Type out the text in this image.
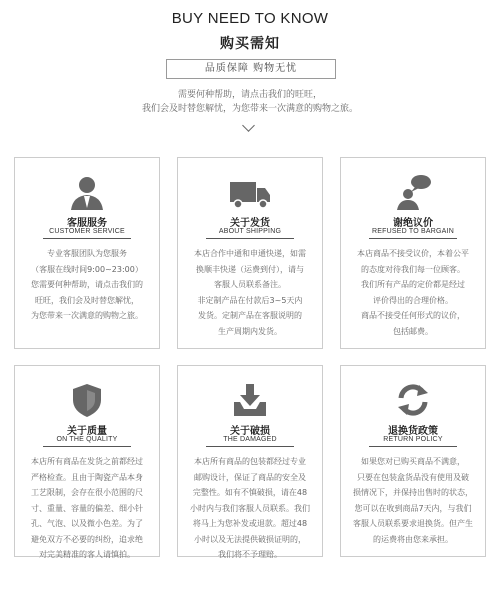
BUY NEED TO KNOW
购买需知
品质保障 购物无忧
需要何种帮助，请点击我们的旺旺，
我们会及时替您解忧，为您带来一次满意的购物之旅。
客服服务
CUSTOMER SERVICE

专业客服团队为您服务

（客服在线时间9:00~23:00）

您需要何种帮助，请点击我们的

旺旺，我们会及时替您解忧，

为您带来一次满意的购物之旅。

关于发货
ABOUT SHIPPING

本店合作中通和申通快递，如需

换顺丰快递（运费到付），请与

客服人员联系备注。

非定制产品在付款后3~5天内

发货。定制产品在客服说明的

生产周期内发货。

谢绝议价
REFUSED TO BARGAIN

本店商品不接受议价，本着公平

的态度对待我们每一位顾客。

我们所有产品的定价都是经过

评价得出的合理价格。

商品不接受任何形式的议价，

包括邮费。

关于质量
ON THE QUALITY

本店所有商品在发货之前都经过

严格检查。且由于陶瓷产品本身

工艺限制，会存在很小范围的尺

寸、重量、容量的偏差、细小针

孔、气泡、以及微小色差。为了

避免双方不必要的纠纷，追求绝

对完美精准的客人请慎拍。

关于破损
THE DAMAGED

本店所有商品的包装都经过专业

邮购设计，保证了商品的安全及

完整性。如有不慎破损，请在48

小时内与我们客服人员联系。我们

将马上为您补发或退款。超过48

小时以及无法提供破损证明的，

我们将不予理赔。

退换货政策
RETURN POLICY

如果您对已购买商品不满意，

只要在包装盒货品没有使用及破

损情况下，并保持出售时的状态，

您可以在收到商品7天内，与我们

客服人员联系要求退换货。但产生

的运费将由您来承担。
